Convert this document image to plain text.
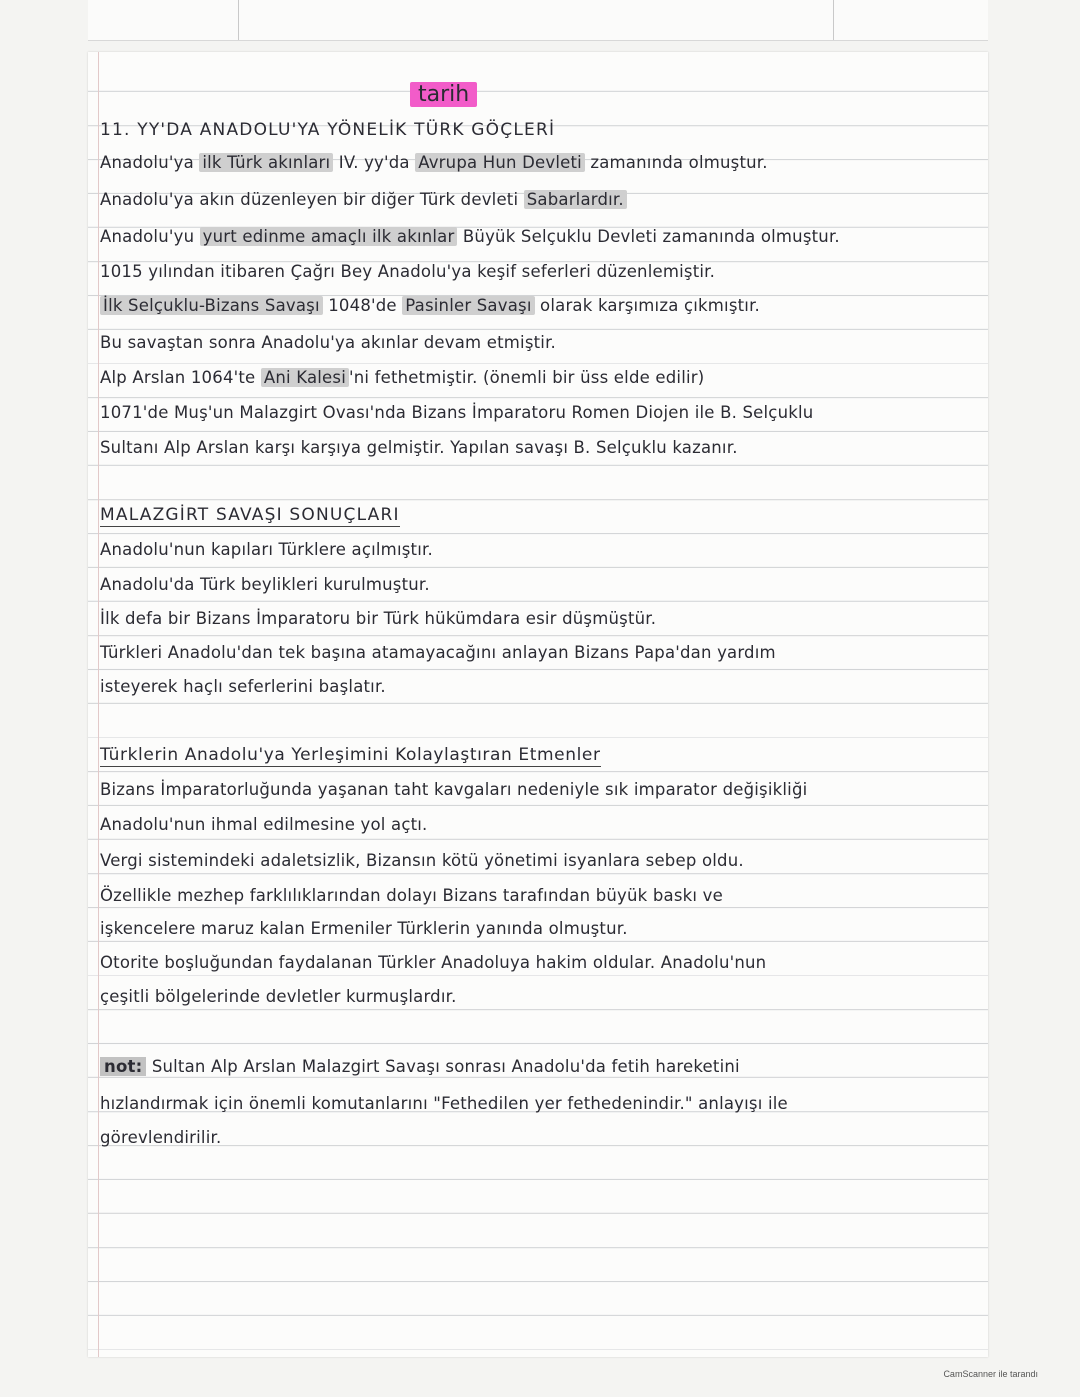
tarih
11. YY'DA ANADOLU'YA YÖNELİK TÜRK GÖÇLERİ
Anadolu'ya ilk Türk akınları IV. yy'da Avrupa Hun Devleti zamanında olmuştur.
Anadolu'ya akın düzenleyen bir diğer Türk devleti Sabarlardır.
Anadolu'yu yurt edinme amaçlı ilk akınlar Büyük Selçuklu Devleti zamanında olmuştur.
1015 yılından itibaren Çağrı Bey Anadolu'ya keşif seferleri düzenlemiştir.
İlk Selçuklu-Bizans Savaşı 1048'de Pasinler Savaşı olarak karşımıza çıkmıştır.
Bu savaştan sonra Anadolu'ya akınlar devam etmiştir.
Alp Arslan 1064'te Ani Kalesi 'ni fethetmiştir. (önemli bir üss elde edilir)
1071'de Muş'un Malazgirt Ovası'nda Bizans İmparatoru Romen Diojen ile B. Selçuklu
Sultanı Alp Arslan karşı karşıya gelmiştir. Yapılan savaşı B. Selçuklu kazanır.
MALAZGİRT SAVAŞI SONUÇLARI
Anadolu'nun kapıları Türklere açılmıştır.
Anadolu'da Türk beylikleri kurulmuştur.
İlk defa bir Bizans İmparatoru bir Türk hükümdara esir düşmüştür.
Türkleri Anadolu'dan tek başına atamayacağını anlayan Bizans Papa'dan yardım
isteyerek haçlı seferlerini başlatır.
Türklerin Anadolu'ya Yerleşimini Kolaylaştıran Etmenler
Bizans İmparatorluğunda yaşanan taht kavgaları nedeniyle sık imparator değişikliği
Anadolu'nun ihmal edilmesine yol açtı.
Vergi sistemindeki adaletsizlik, Bizansın kötü yönetimi isyanlara sebep oldu.
Özellikle mezhep farklılıklarından dolayı Bizans tarafından büyük baskı ve
işkencelere maruz kalan Ermeniler Türklerin yanında olmuştur.
Otorite boşluğundan faydalanan Türkler Anadoluya hakim oldular. Anadolu'nun
çeşitli bölgelerinde devletler kurmuşlardır.
not: Sultan Alp Arslan Malazgirt Savaşı sonrası Anadolu'da fetih hareketini
hızlandırmak için önemli komutanlarını "Fethedilen yer fethedenindir." anlayışı ile
görevlendirilir.
CamScanner ile tarandı
